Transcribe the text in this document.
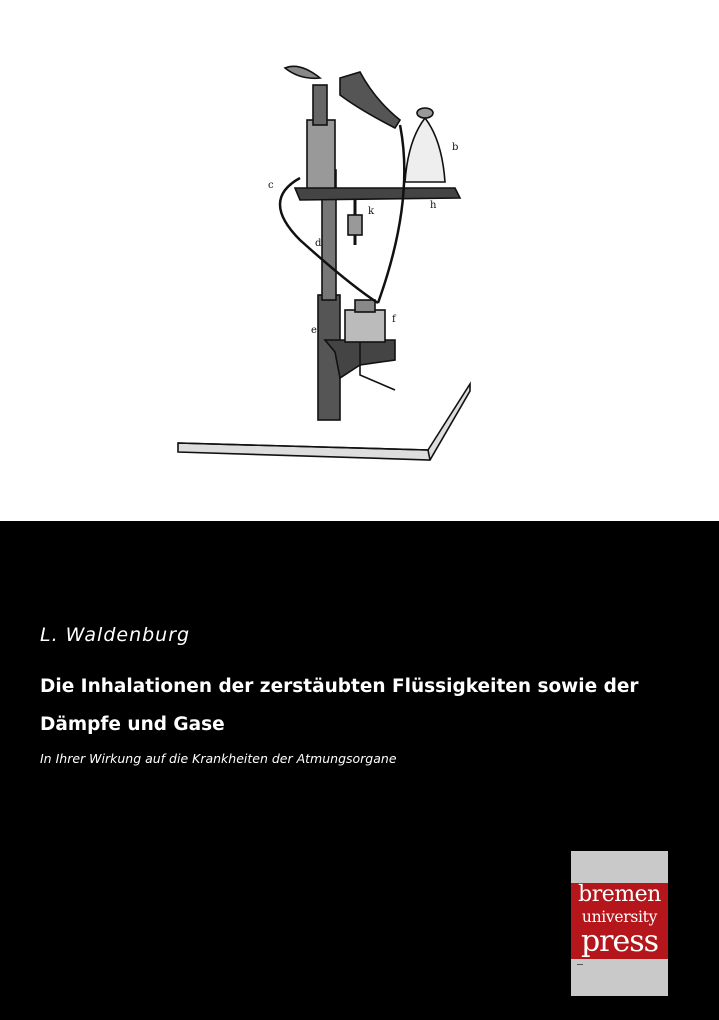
b
c
d
e
f
h
k
L. Waldenburg
Die Inhalationen der zerstäubten Flüssigkeiten sowie der Dämpfe und Gase
In Ihrer Wirkung auf die Krankheiten der Atmungsorgane
bremen
university
press
